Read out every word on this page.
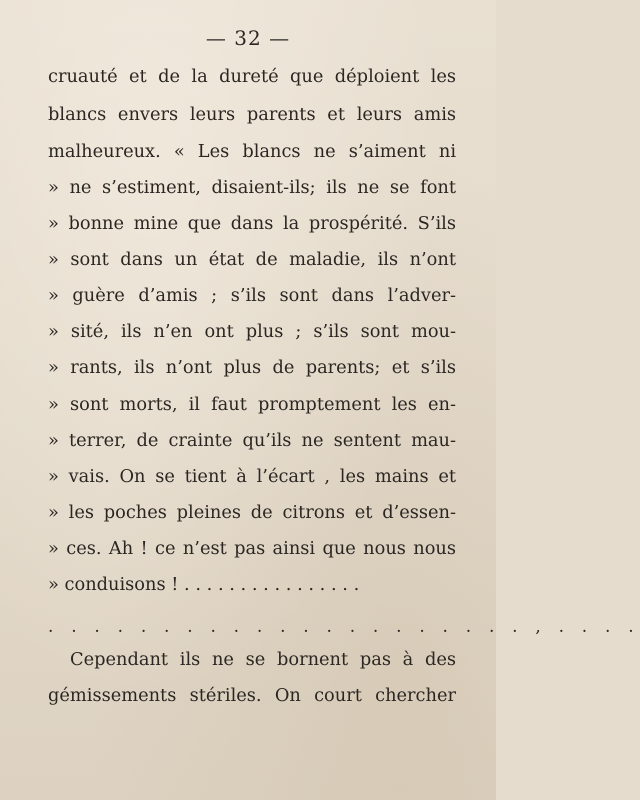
— 32 —
cruauté et de la dureté que déploient les
blancs envers leurs parents et leurs amis
malheureux. « Les blancs ne s’aiment ni
» ne s’estiment, disaient-ils; ils ne se font
» bonne mine que dans la prospérité. S’ils
» sont dans un état de maladie, ils n’ont
» guère d’amis ; s’ils sont dans l’adver-
» sité, ils n’en ont plus ; s’ils sont mou-
» rants, ils n’ont plus de parents; et s’ils
» sont morts, il faut promptement les en-
» terrer, de crainte qu’ils ne sentent mau-
» vais. On se tient à l’écart , les mains et
» les poches pleines de citrons et d’essen-
» ces. Ah ! ce n’est pas ainsi que nous nous
» conduisons ! . . . . . . . . . . . . . . . .
. . . . . . . . . . . . . . . . . . . . . , . . . .
Cependant ils ne se bornent pas à des
gémissements stériles. On court chercher
